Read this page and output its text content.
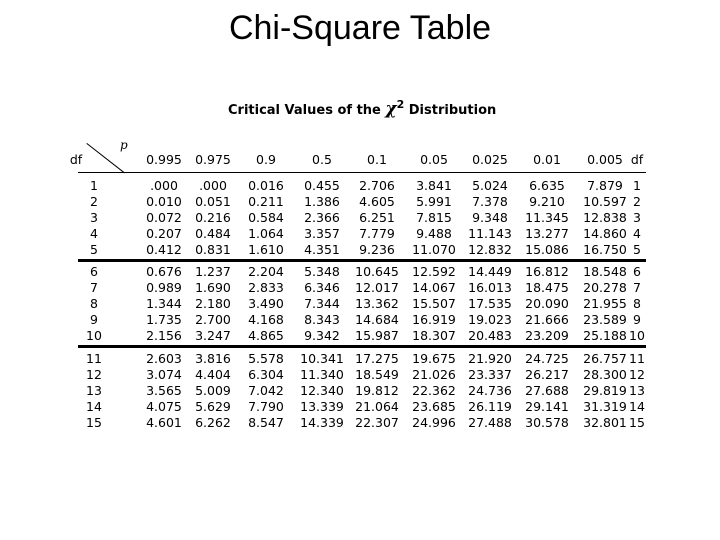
Chi-Square Table
Critical Values of the $\chi^2$ Distribution
p
df	0.995	0.975	0.9	0.5	0.1	0.05	0.025	0.01	0.005 df
1	.000	.000	0.016	0.455	2.706	3.841	5.024	6.635	7.879 1
2	0.010	0.051	0.211	1.386	4.605	5.991	7.378	9.210	10.597 2
3	0.072	0.216	0.584	2.366	6.251	7.815	9.348	11.345	12.838 3
4	0.207	0.484	1.064	3.357	7.779	9.488	11.143	13.277	14.860 4
5	0.412	0.831	1.610	4.351	9.236	11.070 12.832	15.086	16.750 5
6	0.676	1.237	2.204	5.348	10.645	12.592 14.449	16.812	18.548 6
7	0.989	1.690	2.833	6.346	12.017	14.067 16.013	18.475	20.278 7
8	1.344	2.180	3.490	7.344	13.362	15.507 17.535	20.090	21.955 8
9	1.735	2.700	4.168	8.343	14.684	16.919 19.023	21.666	23.589 9
10	2.156	3.247	4.865	9.342	15.987	18.307 20.483	23.209	25.188 10
11	2.603	3.816	5.578	10.341 17.275	19.675 21.920	24.725	26.757 11
12	3.074	4.404	6.304	11.340 18.549	21.026 23.337	26.217	28.300 12
13	3.565	5.009	7.042	12.340 19.812	22.362 24.736	27.688	29.819 13
14	4.075	5.629	7.790	13.339 21.064	23.685 26.119	29.141	31.319 14
15	4.601	6.262	8.547	14.339 22.307	24.996 27.488	30.578	32.801 15
